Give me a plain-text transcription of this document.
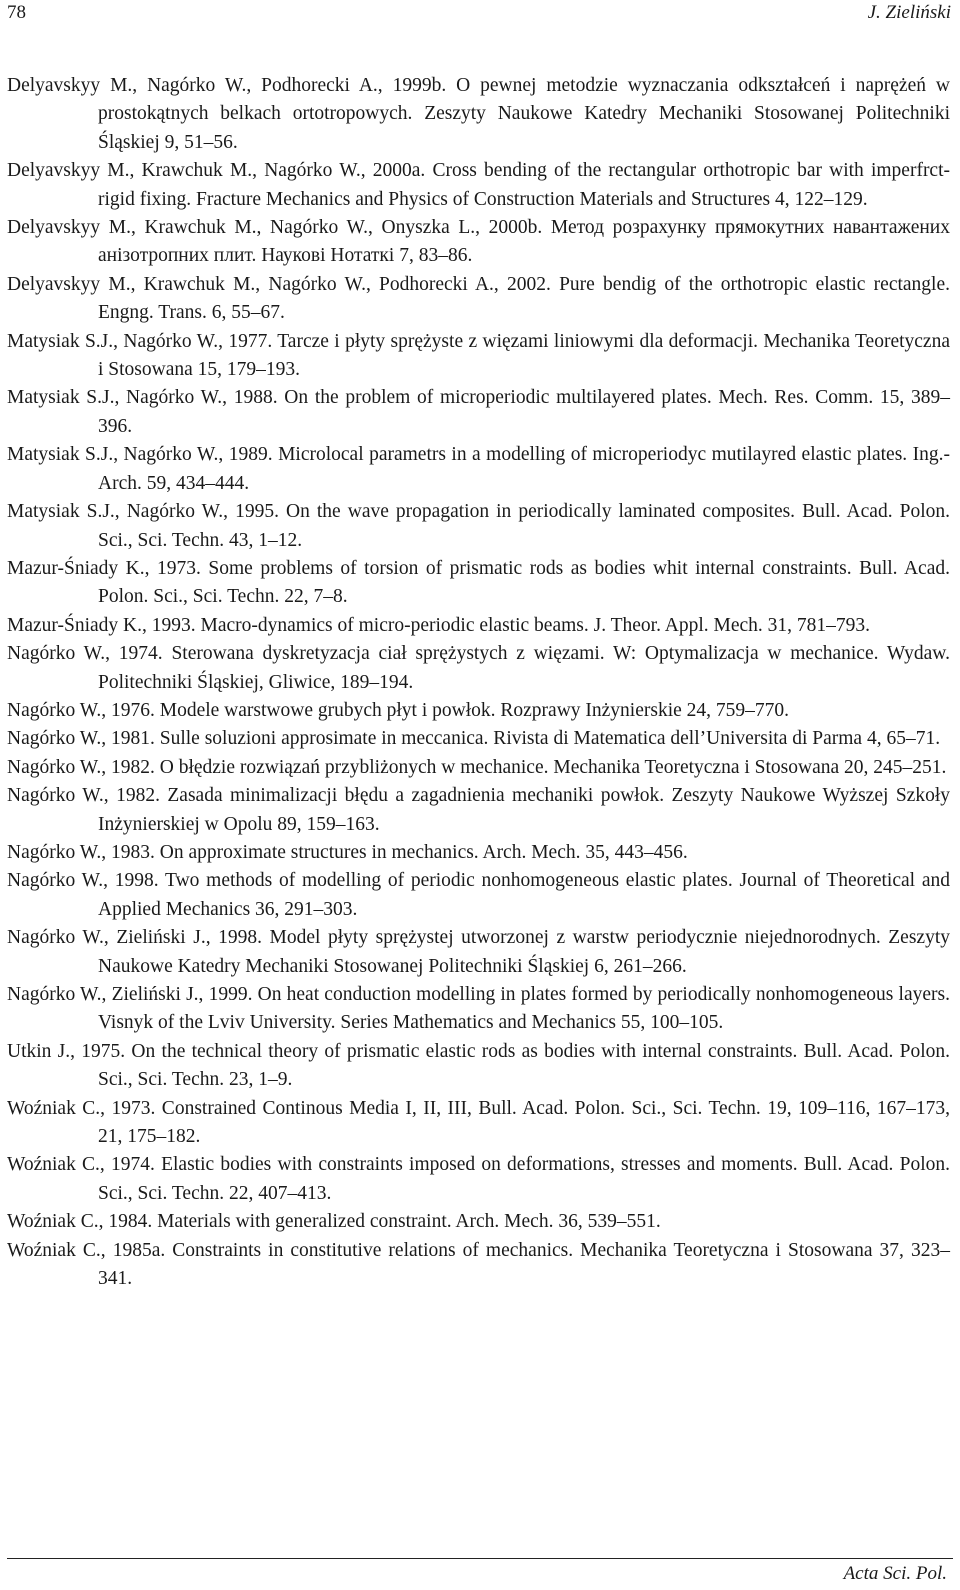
78	J. Zieliński

Delyavskyy M., Nagórko W., Podhorecki A., 1999b. O pewnej metodzie wyznaczania odkształceń i naprężeń w prostokątnych belkach ortotropowych. Zeszyty Naukowe Katedry Mechaniki Stosowanej Politechniki Śląskiej 9, 51–56.

Delyavskyy M., Krawchuk M., Nagórko W., 2000a. Cross bending of the rectangular orthotropic bar with imperfrct-rigid fixing. Fracture Mechanics and Physics of Construction Materials and Structures 4, 122–129.

Delyavskyy M., Krawchuk M., Nagórko W., Onyszka L., 2000b. Метод розрахунку прямокутних навантажених анізотропних плит. Наукові Нотаткі 7, 83–86.

Delyavskyy M., Krawchuk M., Nagórko W., Podhorecki A., 2002. Pure bendig of the orthotropic elastic rectangle. Engng. Trans. 6, 55–67.

Matysiak S.J., Nagórko W., 1977. Tarcze i płyty sprężyste z więzami liniowymi dla deformacji. Mechanika Teoretyczna i Stosowana 15, 179–193.

Matysiak S.J., Nagórko W., 1988. On the problem of microperiodic multilayered plates. Mech. Res. Comm. 15, 389–396.

Matysiak S.J., Nagórko W., 1989. Microlocal parametrs in a modelling of microperiodyc mutilayred elastic plates. Ing.-Arch. 59, 434–444.

Matysiak S.J., Nagórko W., 1995. On the wave propagation in periodically laminated composites. Bull. Acad. Polon. Sci., Sci. Techn. 43, 1–12.

Mazur-Śniady K., 1973. Some problems of torsion of prismatic rods as bodies whit internal constraints. Bull. Acad. Polon. Sci., Sci. Techn. 22, 7–8.

Mazur-Śniady K., 1993. Macro-dynamics of micro-periodic elastic beams. J. Theor. Appl. Mech. 31, 781–793.

Nagórko W., 1974. Sterowana dyskretyzacja ciał sprężystych z więzami. W: Optymalizacja w mechanice. Wydaw. Politechniki Śląskiej, Gliwice, 189–194.

Nagórko W., 1976. Modele warstwowe grubych płyt i powłok. Rozprawy Inżynierskie 24, 759–770.

Nagórko W., 1981. Sulle soluzioni approsimate in meccanica. Rivista di Matematica dell’Universita di Parma 4, 65–71.

Nagórko W., 1982. O błędzie rozwiązań przybliżonych w mechanice. Mechanika Teoretyczna i Stosowana 20, 245–251.

Nagórko W., 1982. Zasada minimalizacji błędu a zagadnienia mechaniki powłok. Zeszyty Naukowe Wyższej Szkoły Inżynierskiej w Opolu 89, 159–163.

Nagórko W., 1983. On approximate structures in mechanics. Arch. Mech. 35, 443–456.

Nagórko W., 1998. Two methods of modelling of periodic nonhomogeneous elastic plates. Journal of Theoretical and Applied Mechanics 36, 291–303.

Nagórko W., Zieliński J., 1998. Model płyty sprężystej utworzonej z warstw periodycznie niejednorodnych. Zeszyty Naukowe Katedry Mechaniki Stosowanej Politechniki Śląskiej 6, 261–266.

Nagórko W., Zieliński J., 1999. On heat conduction modelling in plates formed by periodically nonhomogeneous layers. Visnyk of the Lviv University. Series Mathematics and Mechanics 55, 100–105.

Utkin J., 1975. On the technical theory of prismatic elastic rods as bodies with internal constraints. Bull. Acad. Polon. Sci., Sci. Techn. 23, 1–9.

Woźniak C., 1973. Constrained Continous Media I, II, III, Bull. Acad. Polon. Sci., Sci. Techn. 19, 109–116, 167–173, 21, 175–182.

Woźniak C., 1974. Elastic bodies with constraints imposed on deformations, stresses and moments. Bull. Acad. Polon. Sci., Sci. Techn. 22, 407–413.

Woźniak C., 1984. Materials with generalized constraint. Arch. Mech. 36, 539–551.

Woźniak C., 1985a. Constraints in constitutive relations of mechanics. Mechanika Teoretyczna i Stosowana 37, 323–341.

Acta Sci. Pol.
